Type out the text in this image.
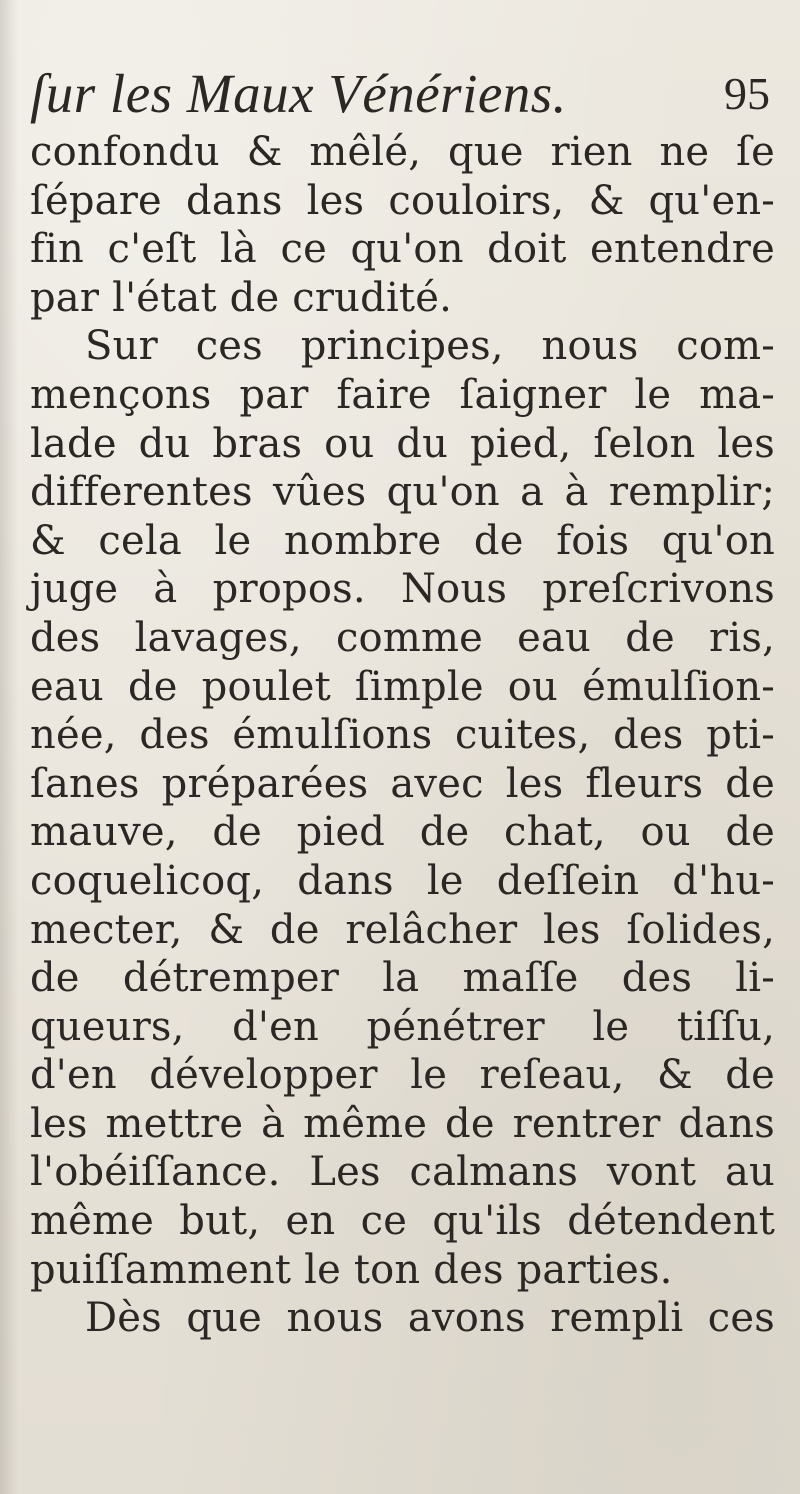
ſur les Maux Vénériens.	95
confondu & mêlé, que rien ne ſe
ſépare dans les couloirs, & qu'en-
fin c'eſt là ce qu'on doit entendre
par l'état de crudité.
Sur ces principes, nous com-
mençons par faire ſaigner le ma-
lade du bras ou du pied, ſelon les
differentes vûes qu'on a à remplir;
& cela le nombre de fois qu'on
juge à propos. Nous preſcrivons
des lavages, comme eau de ris,
eau de poulet ſimple ou émulſion-
née, des émulſions cuites, des pti-
ſanes préparées avec les fleurs de
mauve, de pied de chat, ou de
coquelicoq, dans le deſſein d'hu-
mecter, & de relâcher les ſolides,
de détremper la maſſe des li-
queurs, d'en pénétrer le tiſſu,
d'en développer le reſeau, & de
les mettre à même de rentrer dans
l'obéiſſance. Les calmans vont au
même but, en ce qu'ils détendent
puiſſamment le ton des parties.
Dès que nous avons rempli ces
